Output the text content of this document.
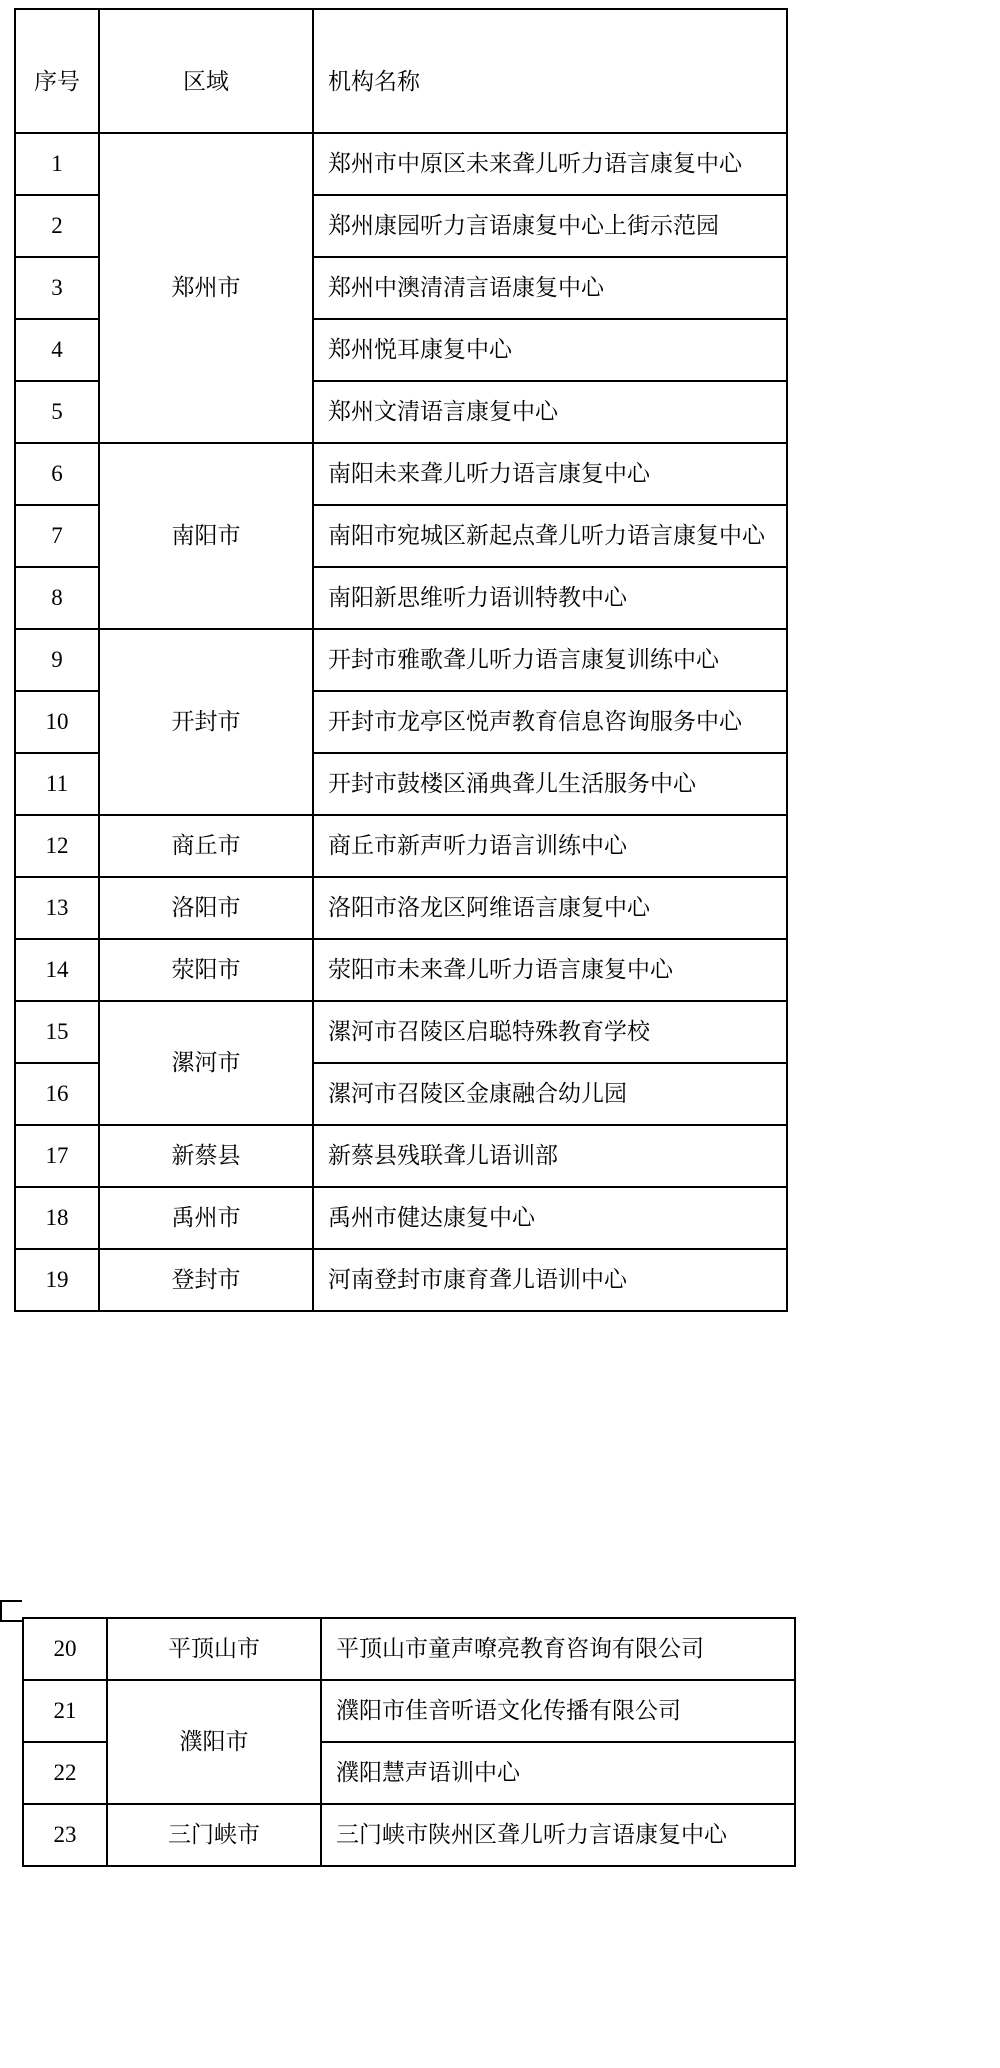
序号	区域	机构名称
1	郑州市	郑州市中原区未来聋儿听力语言康复中心
2		郑州康园听力言语康复中心上街示范园
3		郑州中澳清清言语康复中心
4		郑州悦耳康复中心
5		郑州文清语言康复中心
6	南阳市	南阳未来聋儿听力语言康复中心
7		南阳市宛城区新起点聋儿听力语言康复中心
8		南阳新思维听力语训特教中心
9	开封市	开封市雅歌聋儿听力语言康复训练中心
10		开封市龙亭区悦声教育信息咨询服务中心
11		开封市鼓楼区涌典聋儿生活服务中心
12	商丘市	商丘市新声听力语言训练中心
13	洛阳市	洛阳市洛龙区阿维语言康复中心
14	荥阳市	荥阳市未来聋儿听力语言康复中心
15	漯河市	漯河市召陵区启聪特殊教育学校
16		漯河市召陵区金康融合幼儿园
17	新蔡县	新蔡县残联聋儿语训部
18	禹州市	禹州市健达康复中心
19	登封市	河南登封市康育聋儿语训中心
20	平顶山市	平顶山市童声嘹亮教育咨询有限公司
21	濮阳市	濮阳市佳音听语文化传播有限公司
22		濮阳慧声语训中心
23	三门峡市	三门峡市陕州区聋儿听力言语康复中心
